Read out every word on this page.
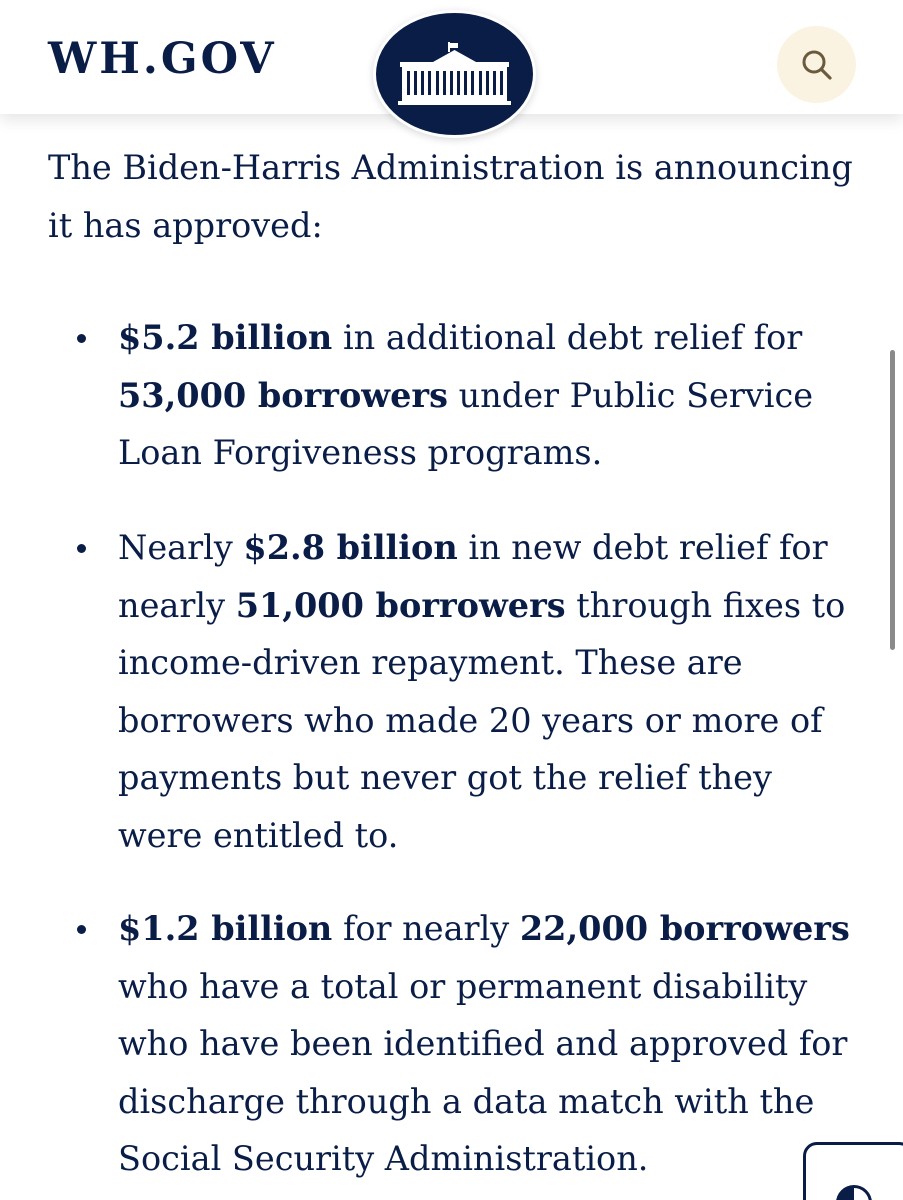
WH.GOV

The Biden-Harris Administration is announcing it has approved:

$5.2 billion in additional debt relief for 53,000 borrowers under Public Service Loan Forgiveness programs.
Nearly $2.8 billion in new debt relief for nearly 51,000 borrowers through fixes to income-driven repayment. These are borrowers who made 20 years or more of payments but never got the relief they were entitled to.
$1.2 billion for nearly 22,000 borrowers who have a total or permanent disability who have been identified and approved for discharge through a data match with the Social Security Administration.
